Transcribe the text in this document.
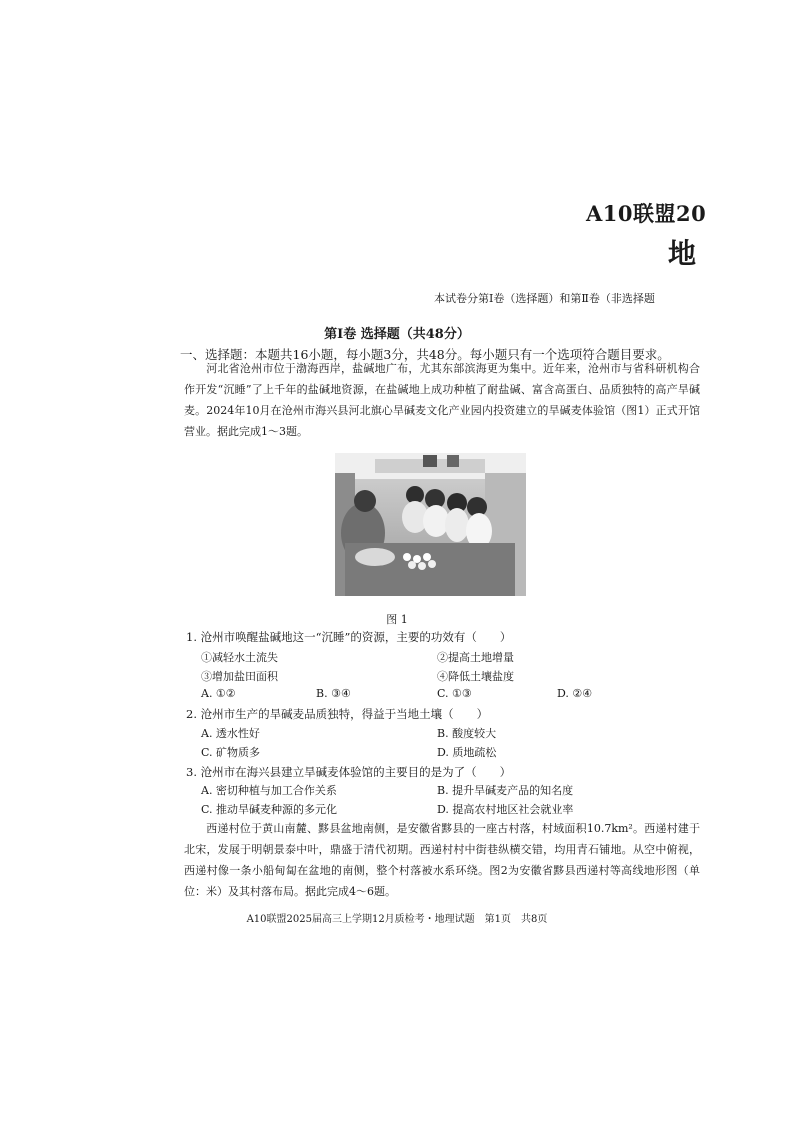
A10联盟20
地
本试卷分第Ⅰ卷（选择题）和第Ⅱ卷（非选择题
第Ⅰ卷 选择题（共48分）
一、选择题：本题共16小题，每小题3分，共48分。每小题只有一个选项符合题目要求。
河北省沧州市位于渤海西岸，盐碱地广布，尤其东部滨海更为集中。近年来，沧州市与省科研机构合作开发“沉睡”了上千年的盐碱地资源，在盐碱地上成功种植了耐盐碱、富含高蛋白、品质独特的高产旱碱麦。2024年10月在沧州市海兴县河北旗心旱碱麦文化产业园内投资建立的旱碱麦体验馆（图1）正式开馆营业。据此完成1～3题。
图 1
1. 沧州市唤醒盐碱地这一“沉睡”的资源，主要的功效有（　　）
①减轻水土流失	②提高土地增量
③增加盐田面积	④降低土壤盐度
A. ①②	B. ③④	C. ①③	D. ②④
2. 沧州市生产的旱碱麦品质独特，得益于当地土壤（　　）
A. 透水性好	B. 酸度较大
C. 矿物质多	D. 质地疏松
3. 沧州市在海兴县建立旱碱麦体验馆的主要目的是为了（　　）
A. 密切种植与加工合作关系	B. 提升旱碱麦产品的知名度
C. 推动旱碱麦种源的多元化	D. 提高农村地区社会就业率
西递村位于黄山南麓、黟县盆地南侧，是安徽省黟县的一座古村落，村域面积10.7km²。西递村建于北宋，发展于明朝景泰中叶，鼎盛于清代初期。西递村村中街巷纵横交错，均用青石铺地。从空中俯视，西递村像一条小船甸匐在盆地的南侧，整个村落被水系环绕。图2为安徽省黟县西递村等高线地形图（单位：米）及其村落布局。据此完成4～6题。
A10联盟2025届高三上学期12月质检考・地理试题　第1页　共8页
